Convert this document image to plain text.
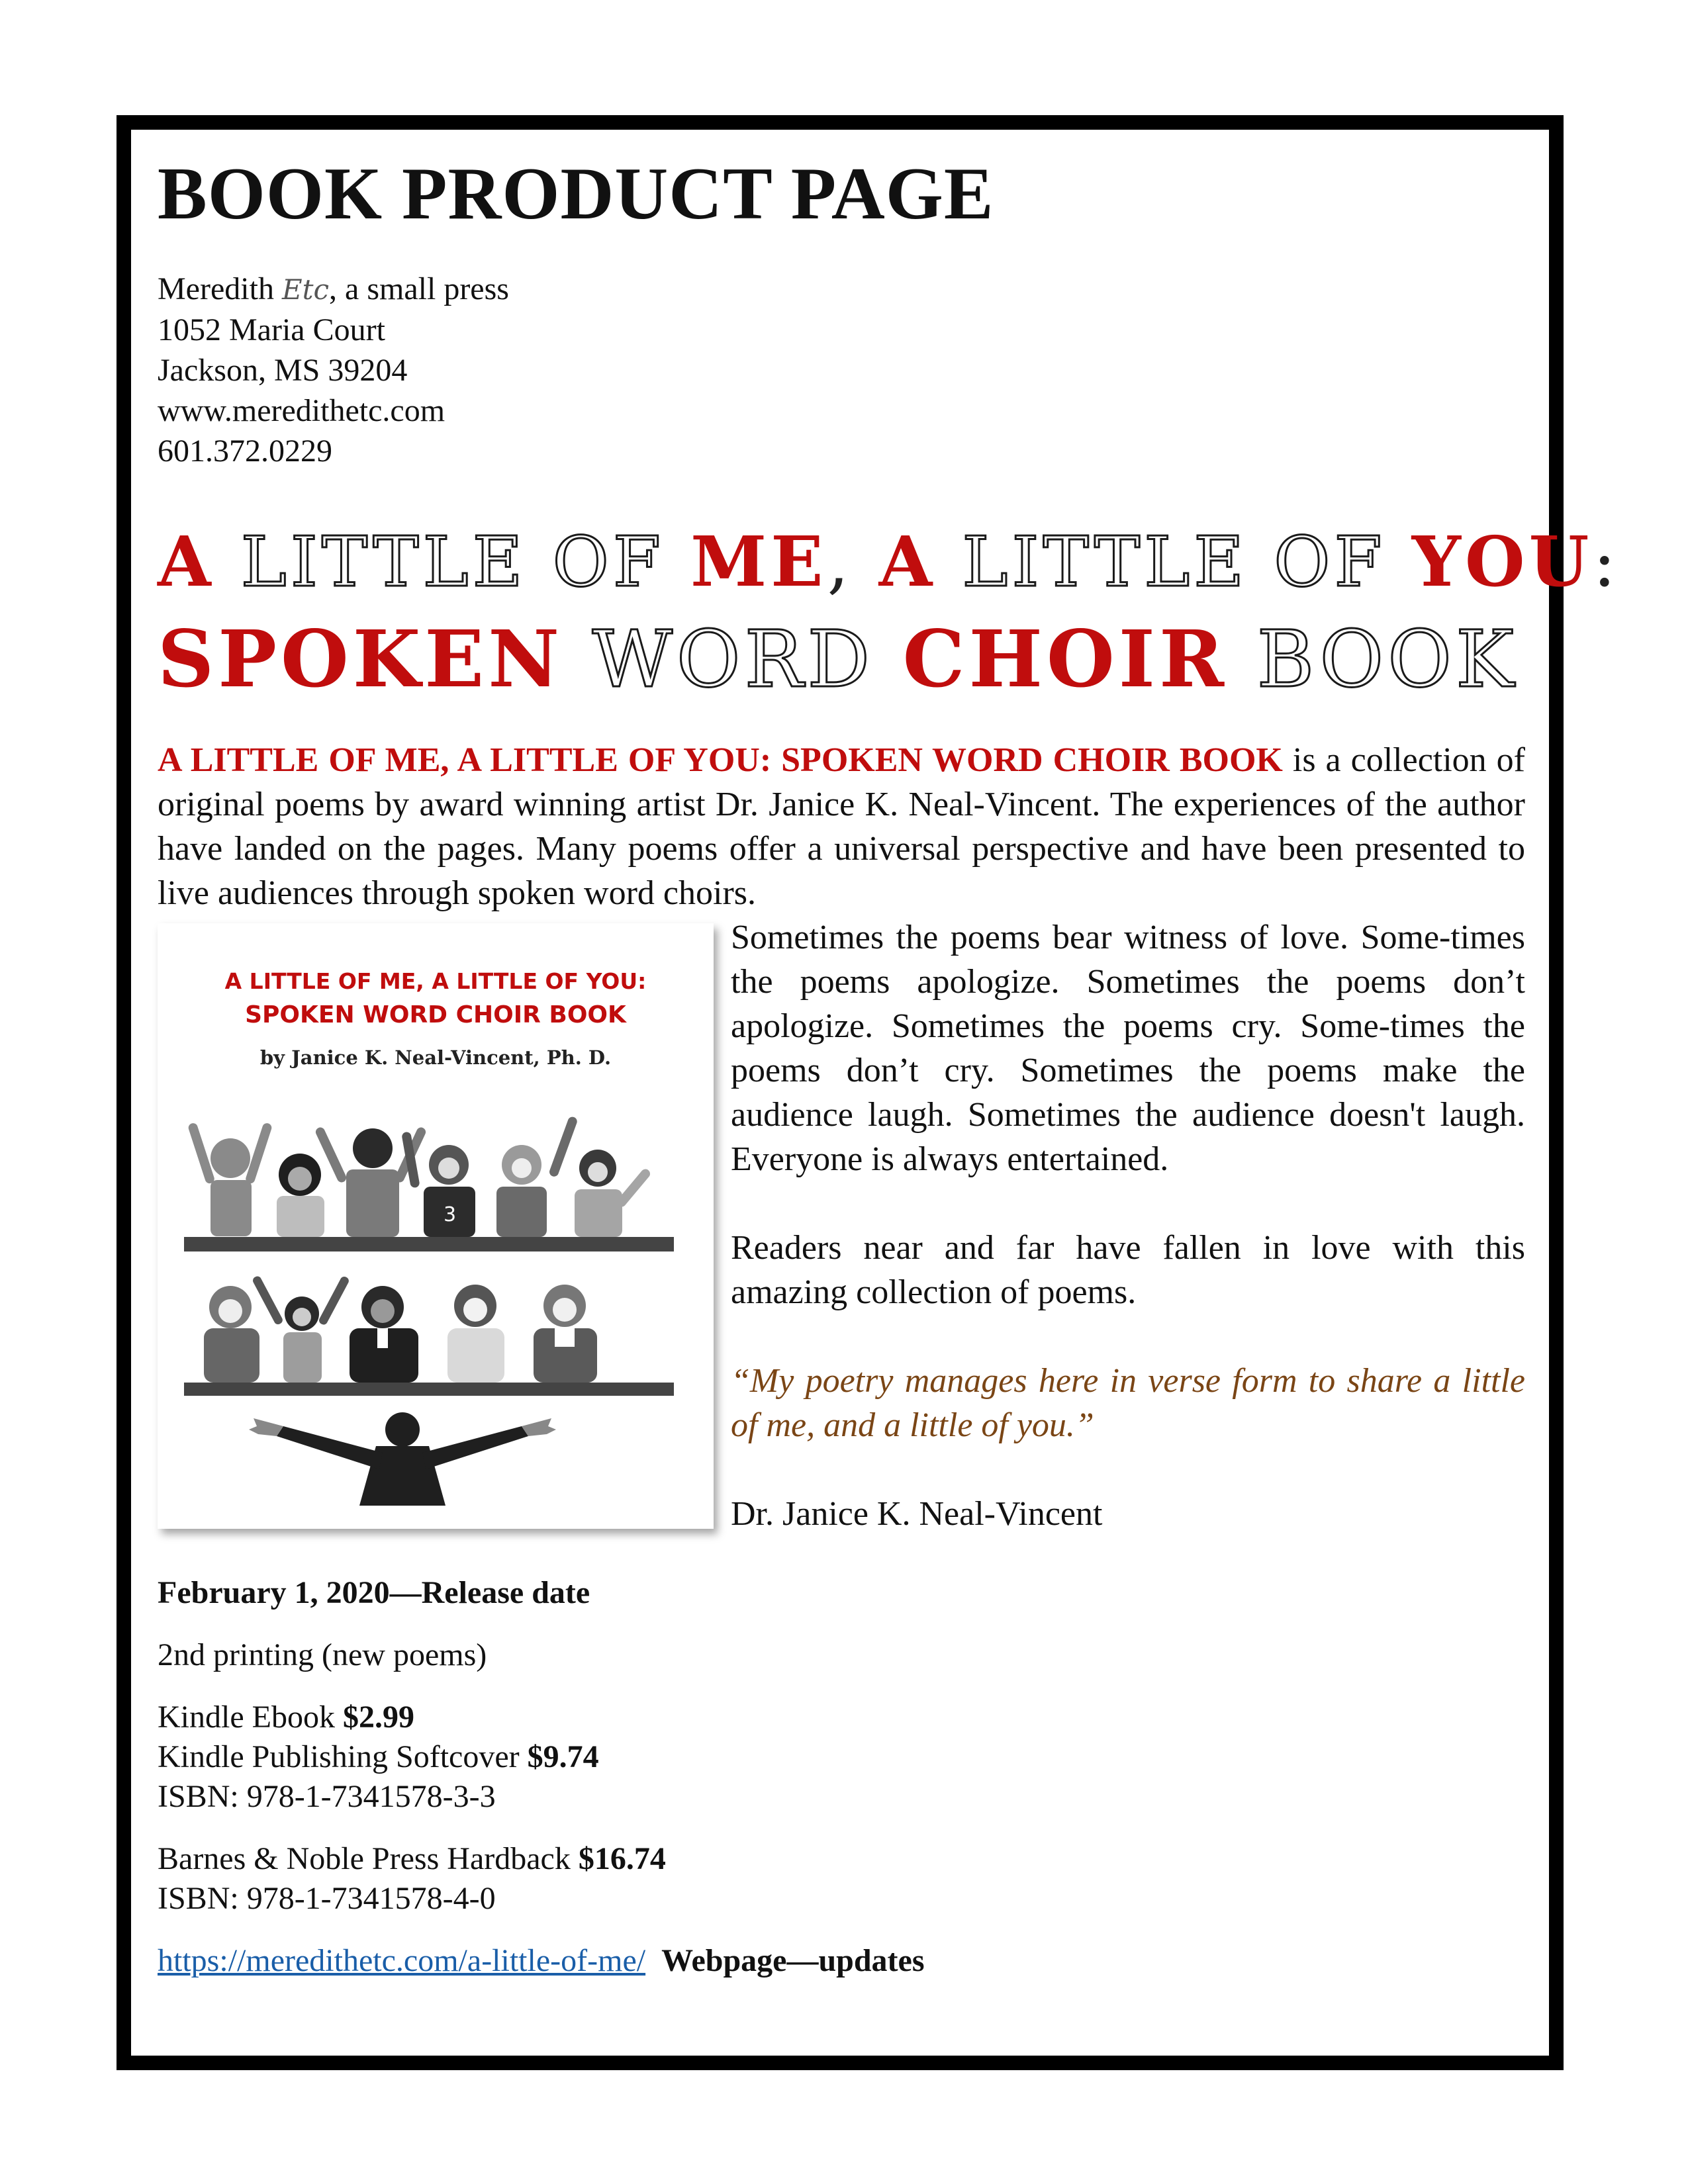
BOOK PRODUCT PAGE
Meredith Etc, a small press
1052 Maria Court
Jackson, MS 39204
www.meredithetc.com
601.372.0229
A LITTLE OF ME, A LITTLE OF YOU:
SPOKEN WORD CHOIR BOOK
A LITTLE OF ME, A LITTLE OF YOU: SPOKEN WORD CHOIR BOOK is a collection of original poems by award winning artist Dr. Janice K. Neal-Vincent. The experiences of the author have landed on the pages. Many poems offer a universal perspective and have been presented to live audiences through spoken word choirs.
A LITTLE OF ME, A LITTLE OF YOU:
SPOKEN WORD CHOIR BOOK
by Janice K. Neal-Vincent, Ph. D.
3

Sometimes the poems bear witness of love. Some-times the poems apologize. Sometimes the poems don’t apologize. Sometimes the poems cry. Some-times the poems don’t cry. Sometimes the poems make the audience laugh. Sometimes the audience doesn't laugh. Everyone is always entertained.

Readers near and far have fallen in love with this amazing collection of poems.

“My poetry manages here in verse form to share a little of me, and a little of you.”

Dr. Janice K. Neal-Vincent

February 1, 2020—Release date

2nd printing (new poems)

Kindle Ebook $2.99
Kindle Publishing Softcover $9.74
ISBN: 978-1-7341578-3-3

Barnes & Noble Press Hardback $16.74
ISBN: 978-1-7341578-4-0

https://meredithetc.com/a-little-of-me/ Webpage—updates
